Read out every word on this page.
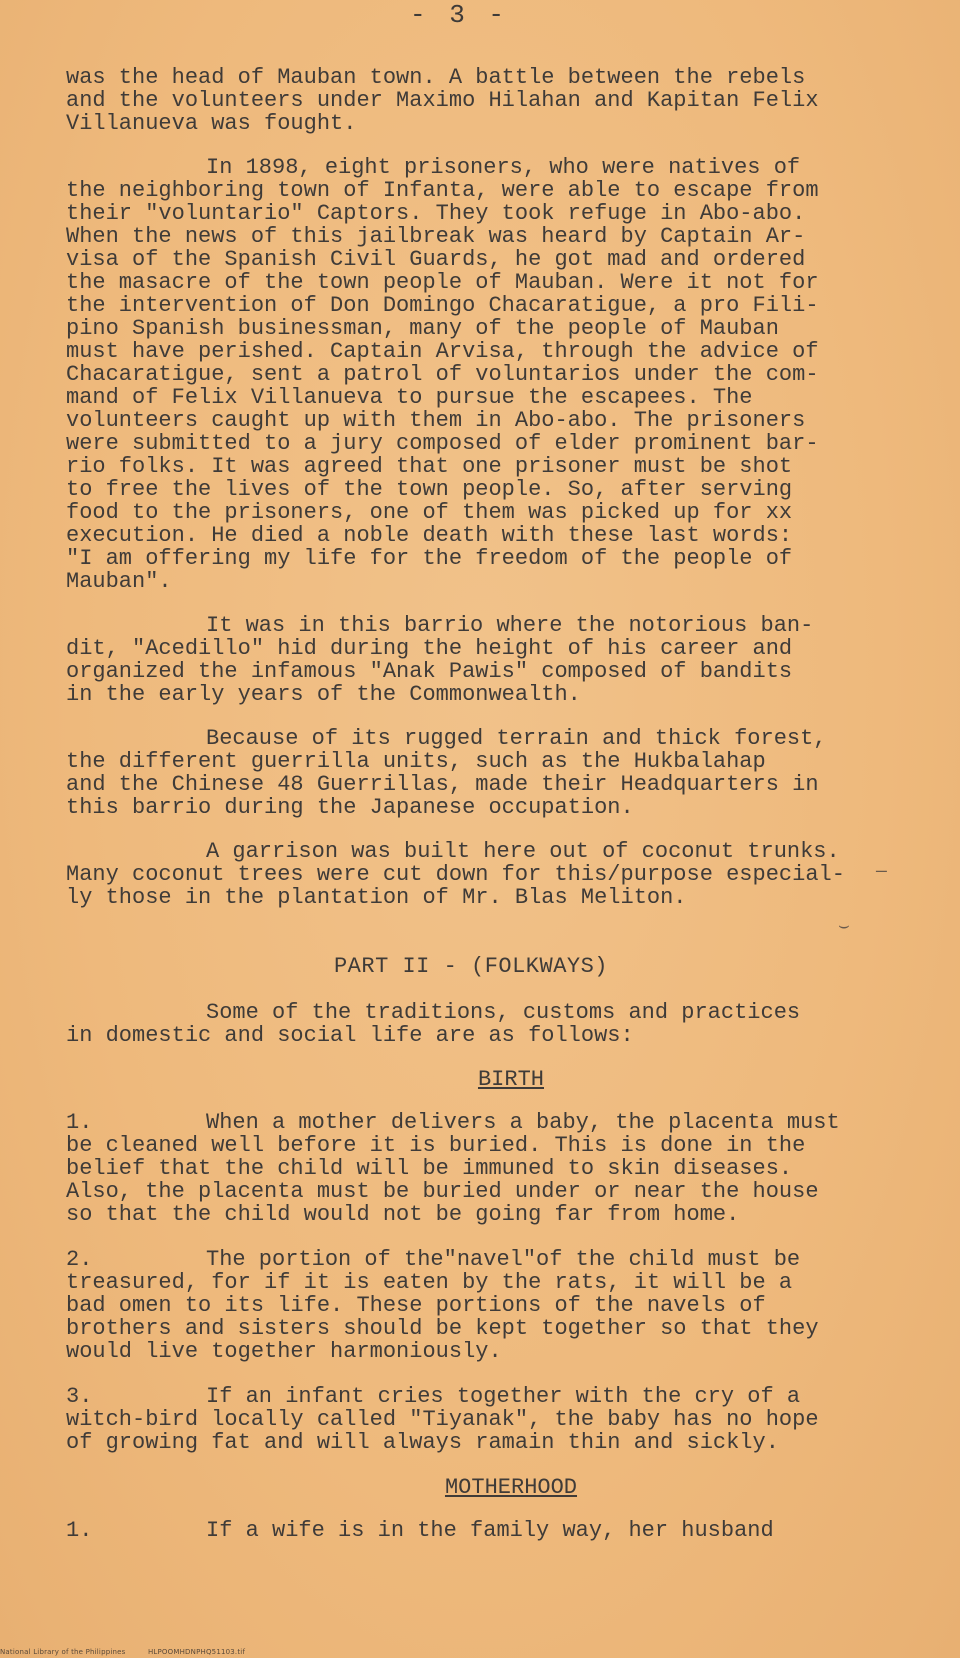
- 3 -
was the head of Mauban town. A battle between the rebels
and the volunteers under Maximo Hilahan and Kapitan Felix
Villanueva was fought.
In 1898, eight prisoners, who were natives of
the neighboring town of Infanta, were able to escape from
their "voluntario" Captors. They took refuge in Abo-abo.
When the news of this jailbreak was heard by Captain Ar-
visa of the Spanish Civil Guards, he got mad and ordered
the masacre of the town people of Mauban. Were it not for
the intervention of Don Domingo Chacaratigue, a pro Fili-
pino Spanish businessman, many of the people of Mauban
must have perished. Captain Arvisa, through the advice of
Chacaratigue, sent a patrol of voluntarios under the com-
mand of Felix Villanueva to pursue the escapees. The
volunteers caught up with them in Abo-abo. The prisoners
were submitted to a jury composed of elder prominent bar-
rio folks. It was agreed that one prisoner must be shot
to free the lives of the town people. So, after serving
food to the prisoners, one of them was picked up for xx
execution. He died a noble death with these last words:
"I am offering my life for the freedom of the people of
Mauban".
It was in this barrio where the notorious ban-
dit, "Acedillo" hid during the height of his career and
organized the infamous "Anak Pawis" composed of bandits
in the early years of the Commonwealth.
Because of its rugged terrain and thick forest,
the different guerrilla units, such as the Hukbalahap
and the Chinese 48 Guerrillas, made their Headquarters in
this barrio during the Japanese occupation.
A garrison was built here out of coconut trunks.
Many coconut trees were cut down for this/purpose especial-
ly those in the plantation of Mr. Blas Meliton.
PART II - (FOLKWAYS)
Some of the traditions, customs and practices
in domestic and social life are as follows:
BIRTH
1.	When a mother delivers a baby, the placenta must
be cleaned well before it is buried. This is done in the
belief that the child will be immuned to skin diseases.
Also, the placenta must be buried under or near the house
so that the child would not be going far from home.
2.	The portion of the"navel"of the child must be
treasured, for if it is eaten by the rats, it will be a
bad omen to its life. These portions of the navels of
brothers and sisters should be kept together so that they
would live together harmoniously.
3.	If an infant cries together with the cry of a
witch-bird locally called "Tiyanak", the baby has no hope
of growing fat and will always ramain thin and sickly.
MOTHERHOOD
1.	If a wife is in the family way, her husband
—
⌣
National Library of the Philippines	HLPOOMHDNPHQ51103.tif
